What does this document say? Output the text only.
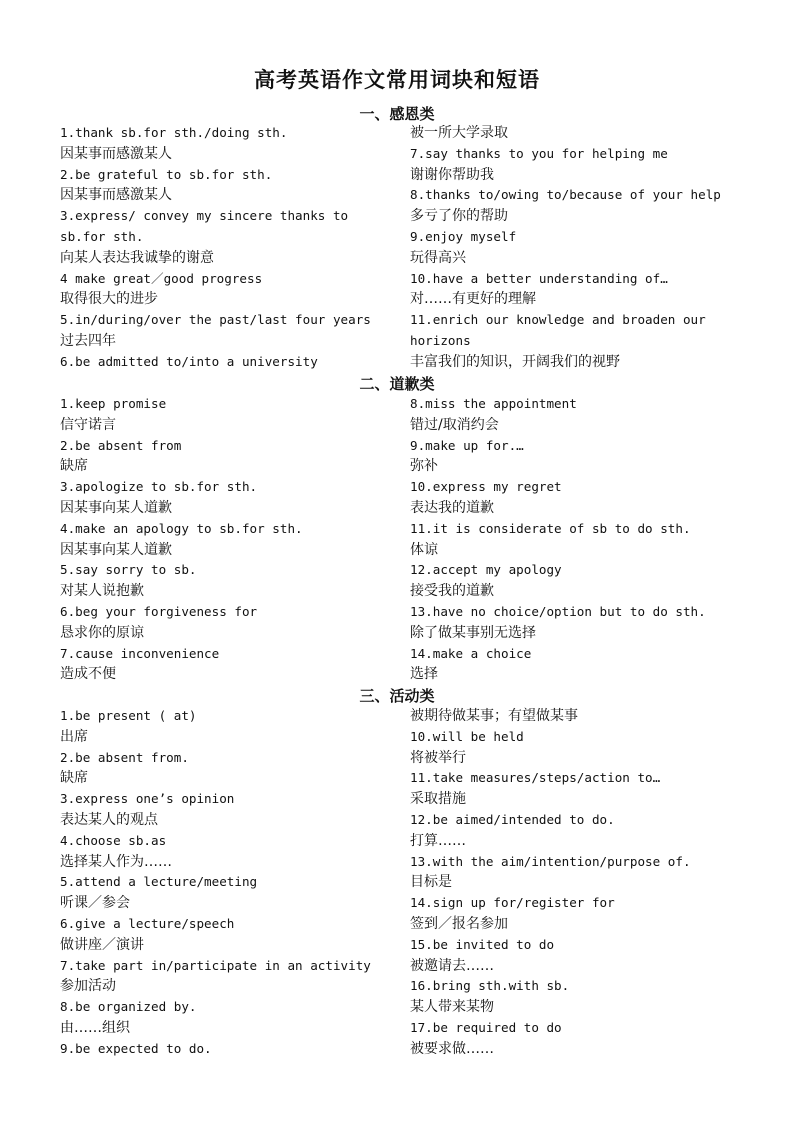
高考英语作文常用词块和短语
一、感恩类
1.thank sb.for sth./doing sth.
因某事而感激某人
2.be grateful to sb.for sth.
因某事而感激某人
3.express/ convey my sincere thanks to
sb.for sth.
向某人表达我诚挚的谢意
4 make great／good progress
取得很大的进步
5.in/during/over the past/last four years
过去四年
6.be admitted to/into a university
被一所大学录取
7.say thanks to you for helping me
谢谢你帮助我
8.thanks to/owing to/because of your help
多亏了你的帮助
9.enjoy myself
玩得高兴
10.have a better understanding of…
对……有更好的理解
11.enrich our knowledge and broaden our
horizons
丰富我们的知识，开阔我们的视野
二、道歉类
1.keep promise
信守诺言
2.be absent from
缺席
3.apologize to sb.for sth.
因某事向某人道歉
4.make an apology to sb.for sth.
因某事向某人道歉
5.say sorry to sb.
对某人说抱歉
6.beg your forgiveness for
恳求你的原谅
7.cause inconvenience
造成不便
8.miss the appointment
错过/取消约会
9.make up for.…
弥补
10.express my regret
表达我的道歉
11.it is considerate of sb to do sth.
体谅
12.accept my apology
接受我的道歉
13.have no choice/option but to do sth.
除了做某事别无选择
14.make a choice
选择
三、活动类
1.be present ( at)
出席
2.be absent from.
缺席
3.express one’s opinion
表达某人的观点
4.choose sb.as
选择某人作为……
5.attend a lecture/meeting
听课／参会
6.give a lecture/speech
做讲座／演讲
7.take part in/participate in an activity
参加活动
8.be organized by.
由……组织
9.be expected to do.
被期待做某事；有望做某事
10.will be held
将被举行
11.take measures/steps/action to…
采取措施
12.be aimed/intended to do.
打算……
13.with the aim/intention/purpose of.
目标是
14.sign up for/register for
签到／报名参加
15.be invited to do
被邀请去……
16.bring sth.with sb.
某人带来某物
17.be required to do
被要求做……
